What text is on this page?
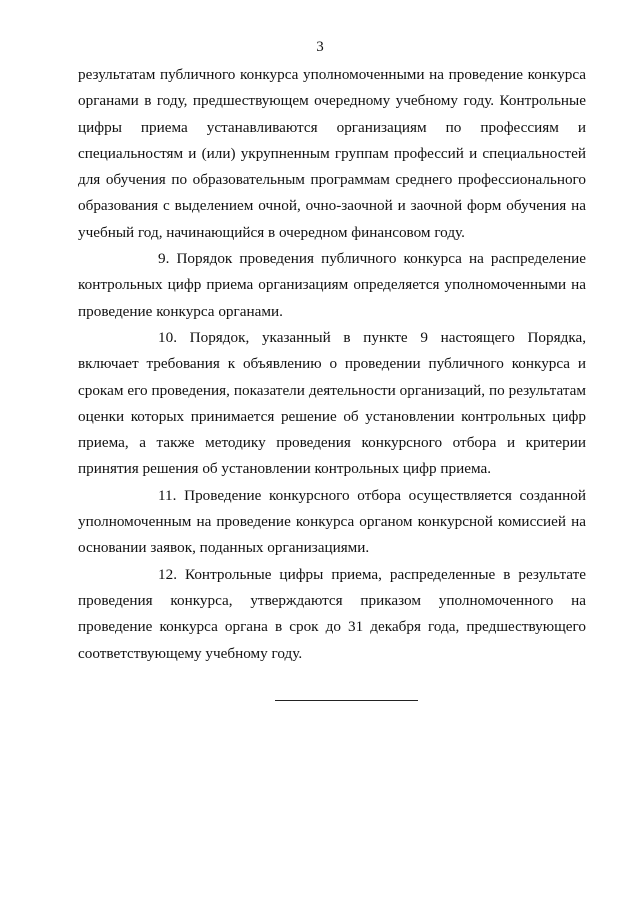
3

результатам публичного конкурса уполномоченными на проведение конкурса органами в году, предшествующем очередному учебному году. Контрольные цифры приема устанавливаются организациям по профессиям и специальностям и (или) укрупненным группам профессий и специальностей для обучения по образовательным программам среднего профессионального образования с выделением очной, очно-заочной и заочной форм обучения на учебный год, начинающийся в очередном финансовом году.

9. Порядок проведения публичного конкурса на распределение контрольных цифр приема организациям определяется уполномоченными на проведение конкурса органами.

10. Порядок, указанный в пункте 9 настоящего Порядка, включает требования к объявлению о проведении публичного конкурса и срокам его проведения, показатели деятельности организаций, по результатам оценки которых принимается решение об установлении контрольных цифр приема, а также методику проведения конкурсного отбора и критерии принятия решения об установлении контрольных цифр приема.

11. Проведение конкурсного отбора осуществляется созданной уполномоченным на проведение конкурса органом конкурсной комиссией на основании заявок, поданных организациями.

12. Контрольные цифры приема, распределенные в результате проведения конкурса, утверждаются приказом уполномоченного на проведение конкурса органа в срок до 31 декабря года, предшествующего соответствующему учебному году.
